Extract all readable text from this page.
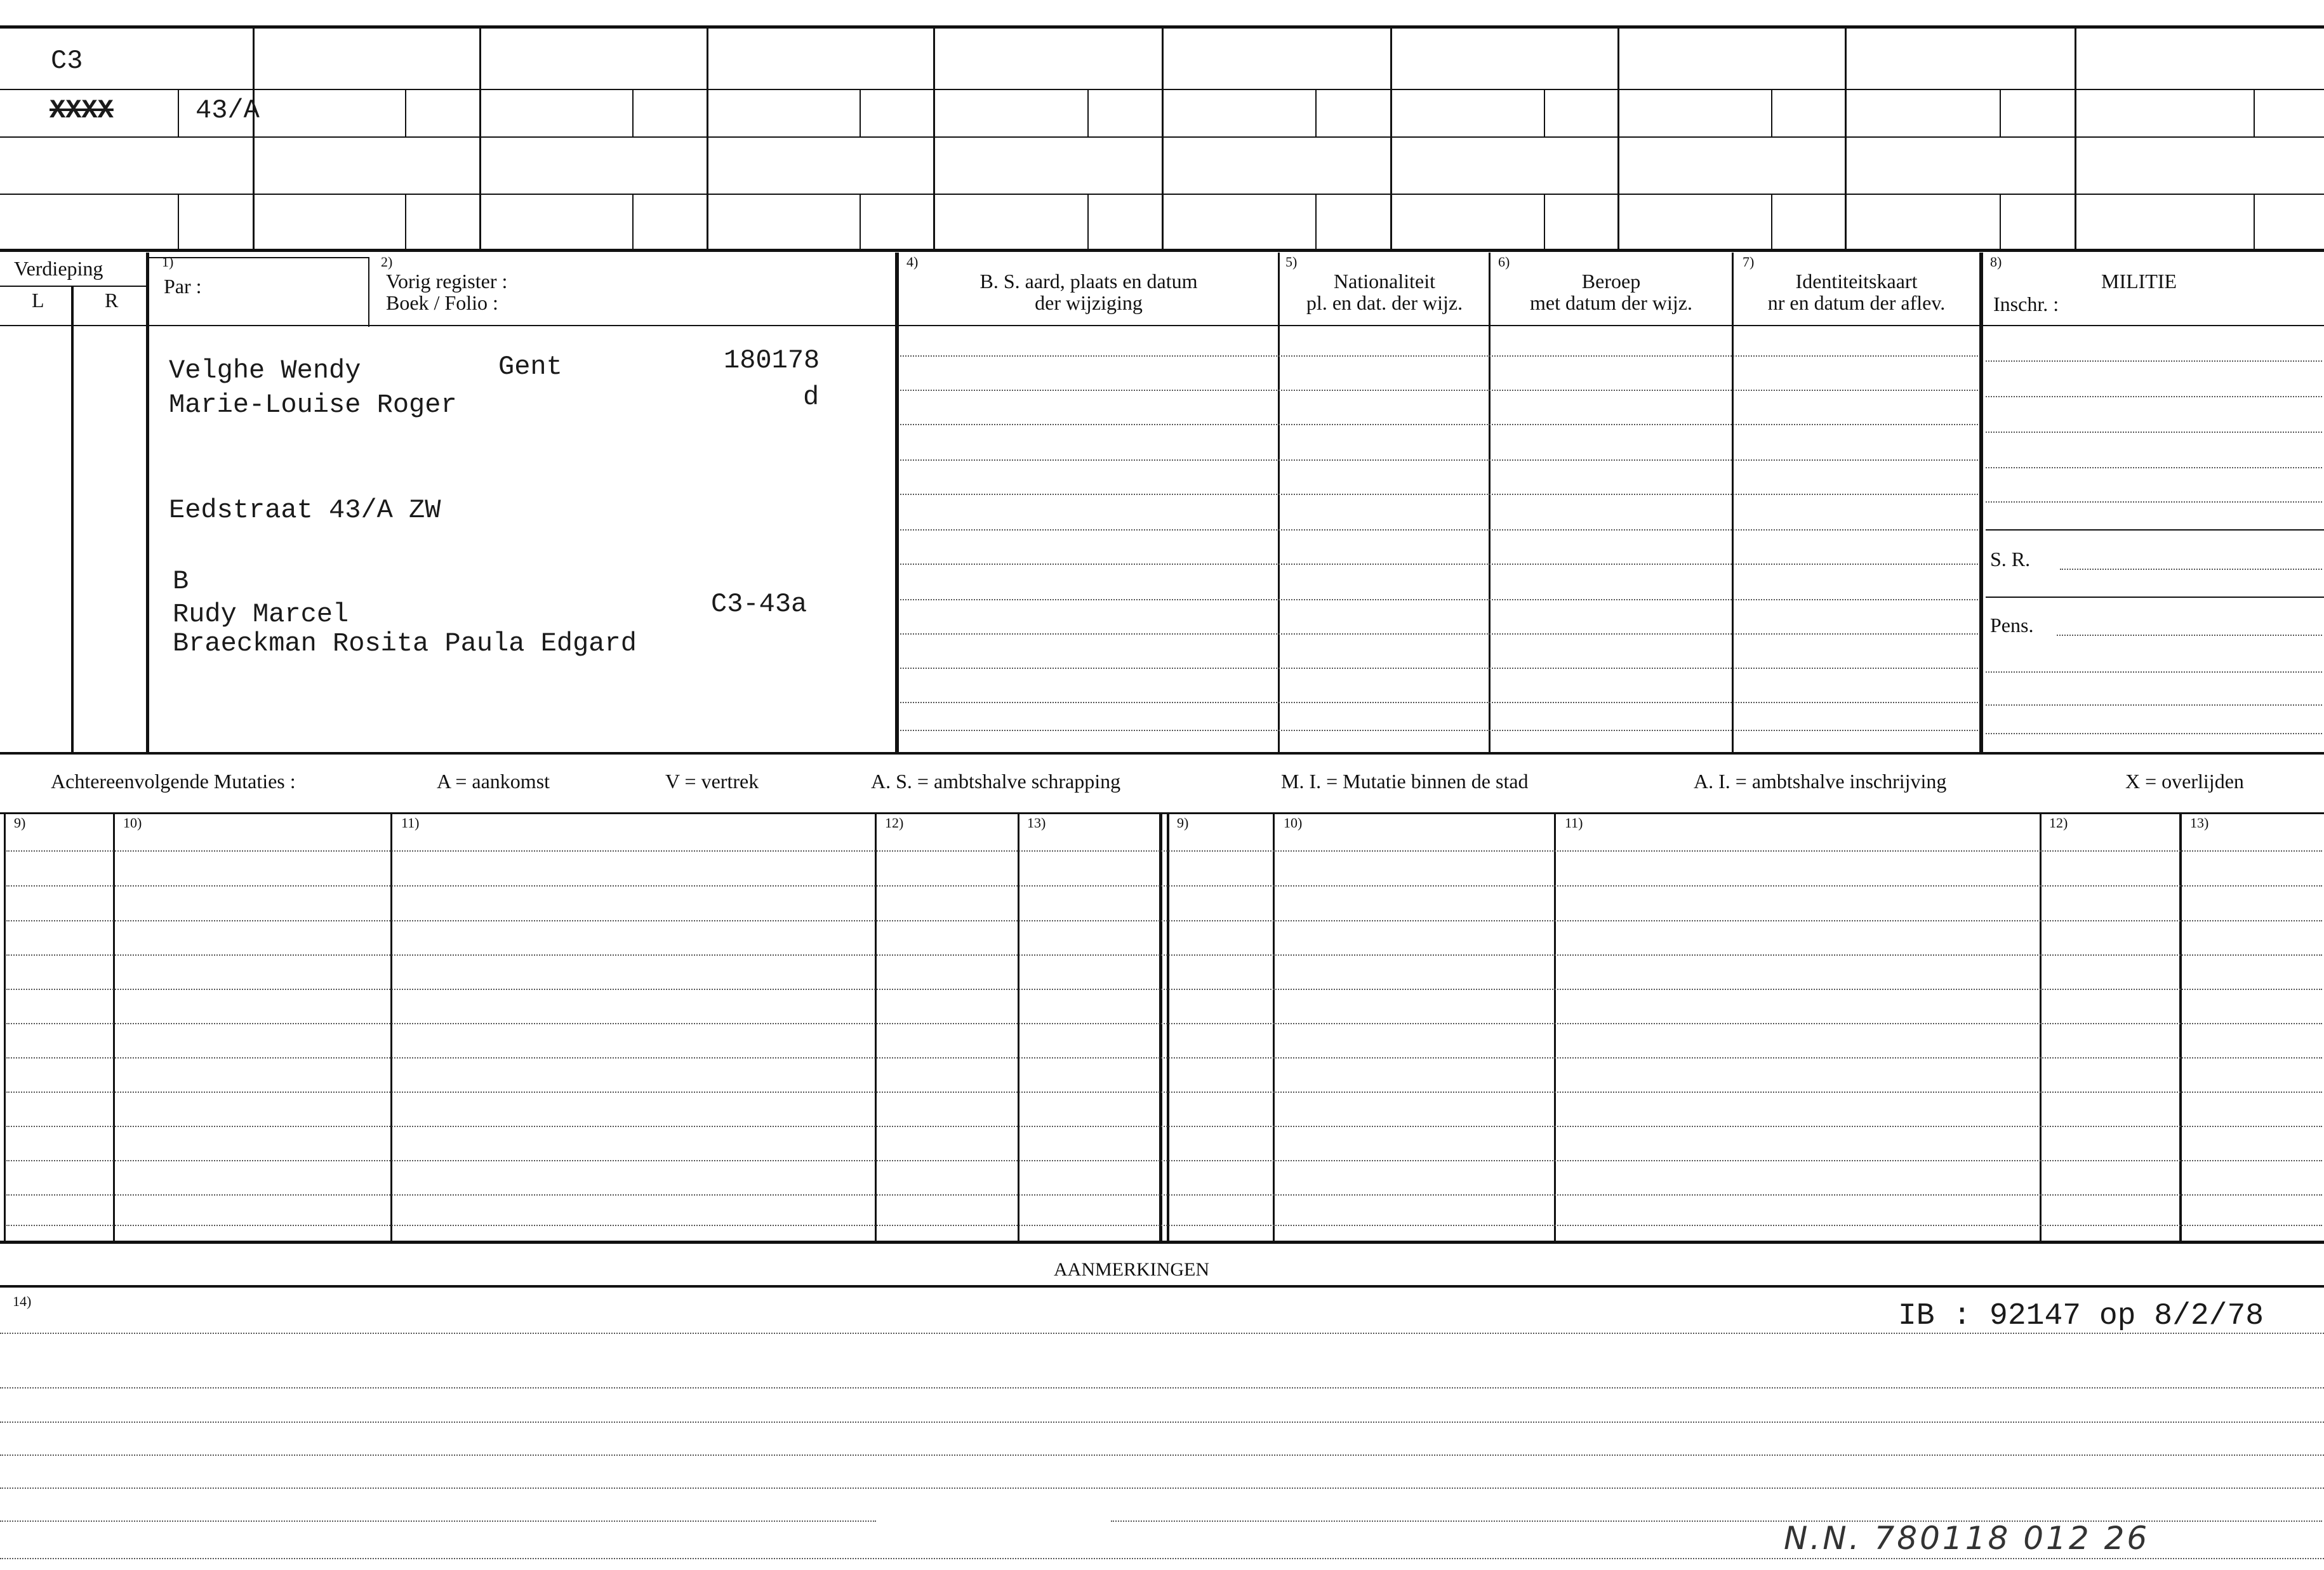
C3
XXXX	43/A
Verdieping
L	R
1)
Par :
2)
Vorig register :
Boek / Folio :
4)
B. S. aard, plaats en datum
der wijziging
5)
Nationaliteit
pl. en dat. der wijz.
6)
Beroep
met datum der wijz.
7)
Identiteitskaart
nr en datum der aflev.
8)
MILITIE
Inschr. :
S. R.
Pens.
Velghe Wendy	Gent	180178
Marie-Louise Roger	d
Eedstraat 43/A ZW
B
Rudy Marcel	C3-43a
Braeckman Rosita Paula Edgard
Achtereenvolgende Mutaties :	A = aankomst	V = vertrek	A. S. = ambtshalve schrapping	M. I. = Mutatie binnen de stad	A. I. = ambtshalve inschrijving	X = overlijden
9)	10)	11)	12)	13)	9)	10)	11)	12)	13)
AANMERKINGEN
14)	IB : 92147 op 8/2/78
N.N. 780118 012 26
